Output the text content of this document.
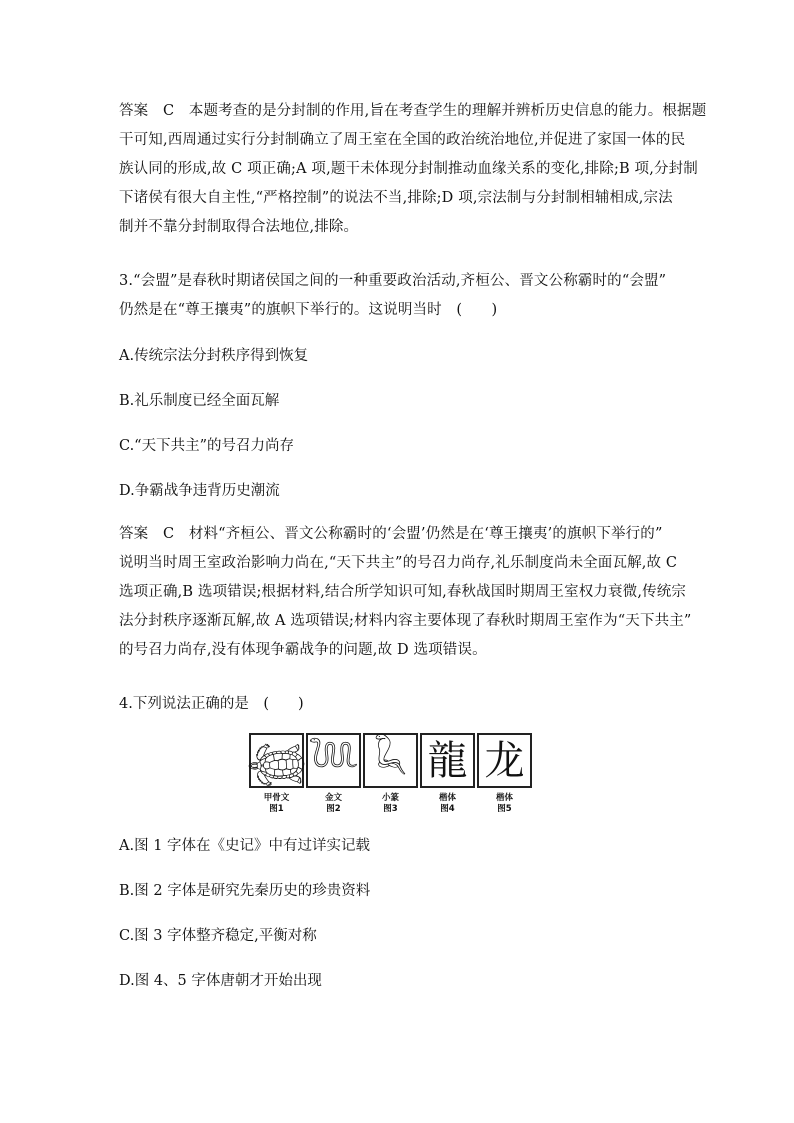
答案　C　本题考查的是分封制的作用,旨在考查学生的理解并辨析历史信息的能力。根据题
干可知,西周通过实行分封制确立了周王室在全国的政治统治地位,并促进了家国一体的民
族认同的形成,故 C 项正确;A 项,题干未体现分封制推动血缘关系的变化,排除;B 项,分封制
下诸侯有很大自主性,“严格控制”的说法不当,排除;D 项,宗法制与分封制相辅相成,宗法
制并不靠分封制取得合法地位,排除。
3.“会盟”是春秋时期诸侯国之间的一种重要政治活动,齐桓公、晋文公称霸时的“会盟”
仍然是在“尊王攘夷”的旗帜下举行的。这说明当时　(　　)
A.传统宗法分封秩序得到恢复
B.礼乐制度已经全面瓦解
C.“天下共主”的号召力尚存
D.争霸战争违背历史潮流
答案　C　材料“齐桓公、晋文公称霸时的‘会盟’仍然是在‘尊王攘夷’的旗帜下举行的”
说明当时周王室政治影响力尚在,“天下共主”的号召力尚存,礼乐制度尚未全面瓦解,故 C
选项正确,B 选项错误;根据材料,结合所学知识可知,春秋战国时期周王室权力衰微,传统宗
法分封秩序逐渐瓦解,故 A 选项错误;材料内容主要体现了春秋时期周王室作为“天下共主”
的号召力尚存,没有体现争霸战争的问题,故 D 选项错误。
4.下列说法正确的是　(　　)
𓆉 𓆙 𓆗 龍 龙
甲骨文
图1
金文
图2
小篆
图3
楷体
图4
楷体
图5
A.图 1 字体在《史记》中有过详实记载
B.图 2 字体是研究先秦历史的珍贵资料
C.图 3 字体整齐稳定,平衡对称
D.图 4、5 字体唐朝才开始出现
